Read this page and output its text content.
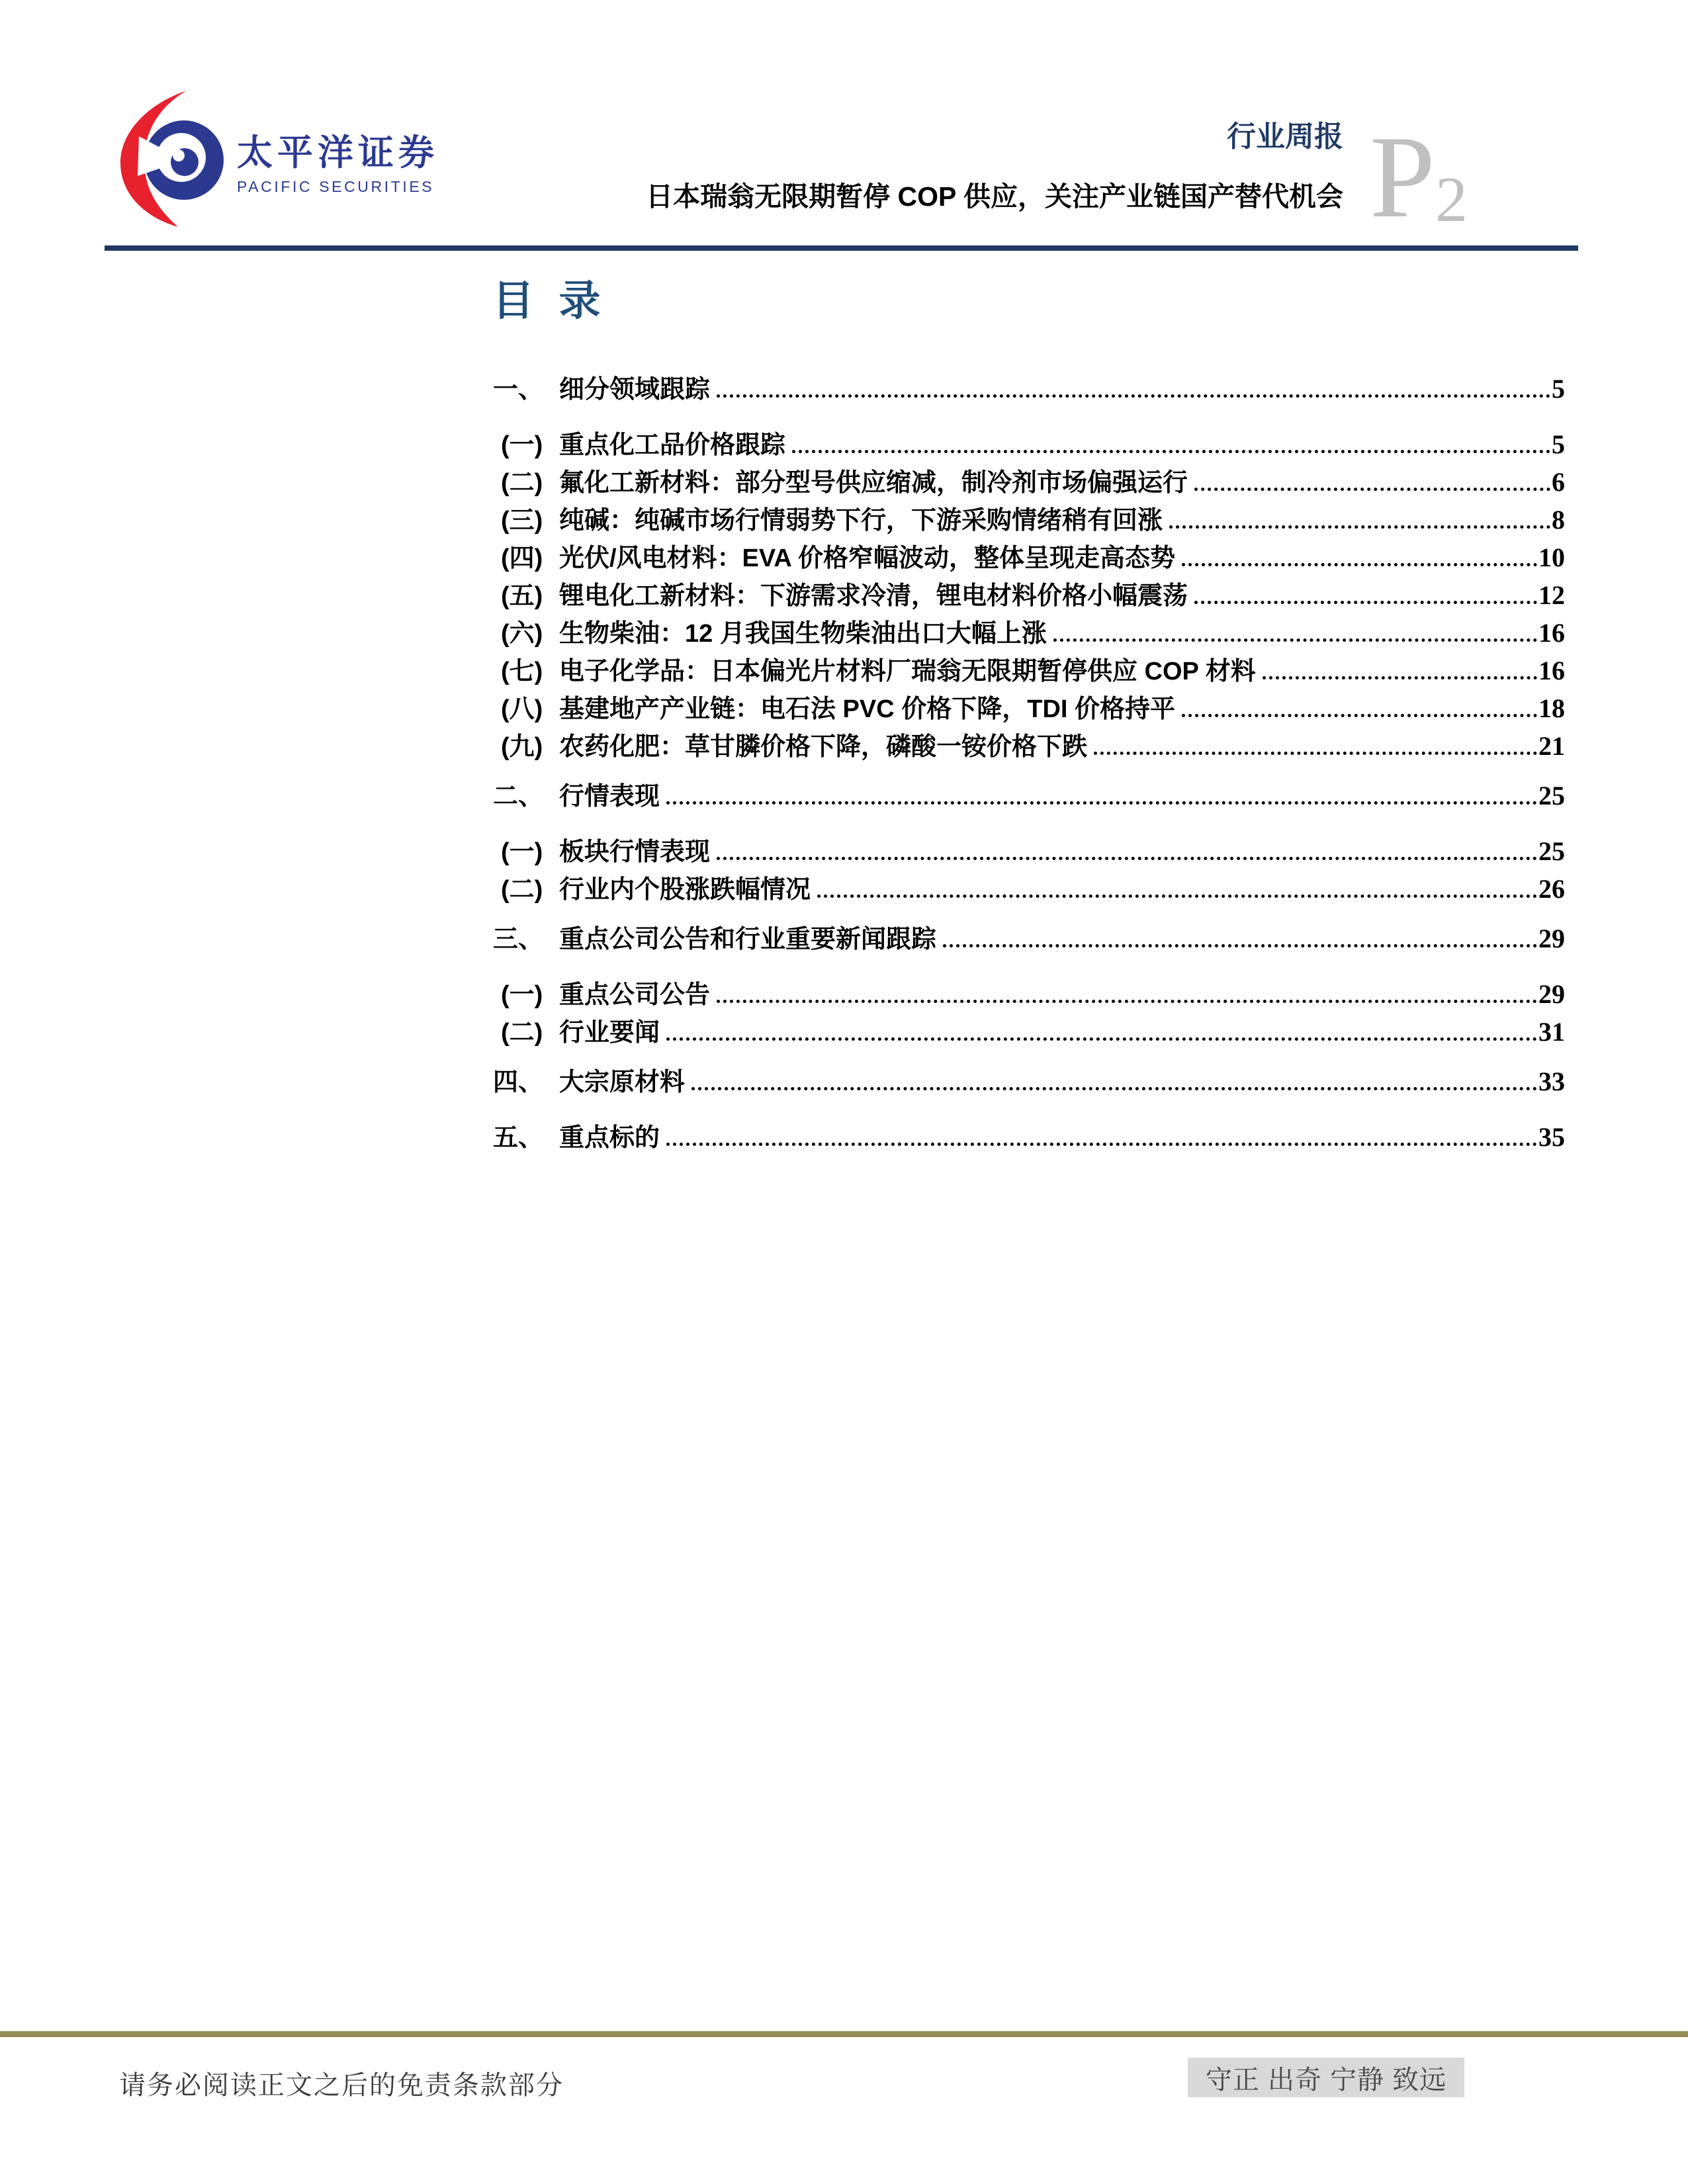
太平洋证券
PACIFIC SECURITIES
行业周报
日本瑞翁无限期暂停 COP 供应，关注产业链国产替代机会 P 2
目 录
一、 细分领域跟踪	5
(一) 重点化工品价格跟踪	5
(二) 氟化工新材料：部分型号供应缩减，制冷剂市场偏强运行	6
(三) 纯碱：纯碱市场行情弱势下行，下游采购情绪稍有回涨	8
(四) 光伏/风电材料：EVA 价格窄幅波动，整体呈现走高态势	10
(五) 锂电化工新材料：下游需求冷清，锂电材料价格小幅震荡	12
(六) 生物柴油：12 月我国生物柴油出口大幅上涨	16
(七) 电子化学品：日本偏光片材料厂瑞翁无限期暂停供应 COP 材料	16
(八) 基建地产产业链：电石法 PVC 价格下降，TDI 价格持平	18
(九) 农药化肥：草甘膦价格下降，磷酸一铵价格下跌	21
二、 行情表现	25
(一) 板块行情表现	25
(二) 行业内个股涨跌幅情况	26
三、 重点公司公告和行业重要新闻跟踪	29
(一) 重点公司公告	29
(二) 行业要闻	31
四、 大宗原材料	33
五、 重点标的	35
请务必阅读正文之后的免责条款部分	守正 出奇 宁静 致远
